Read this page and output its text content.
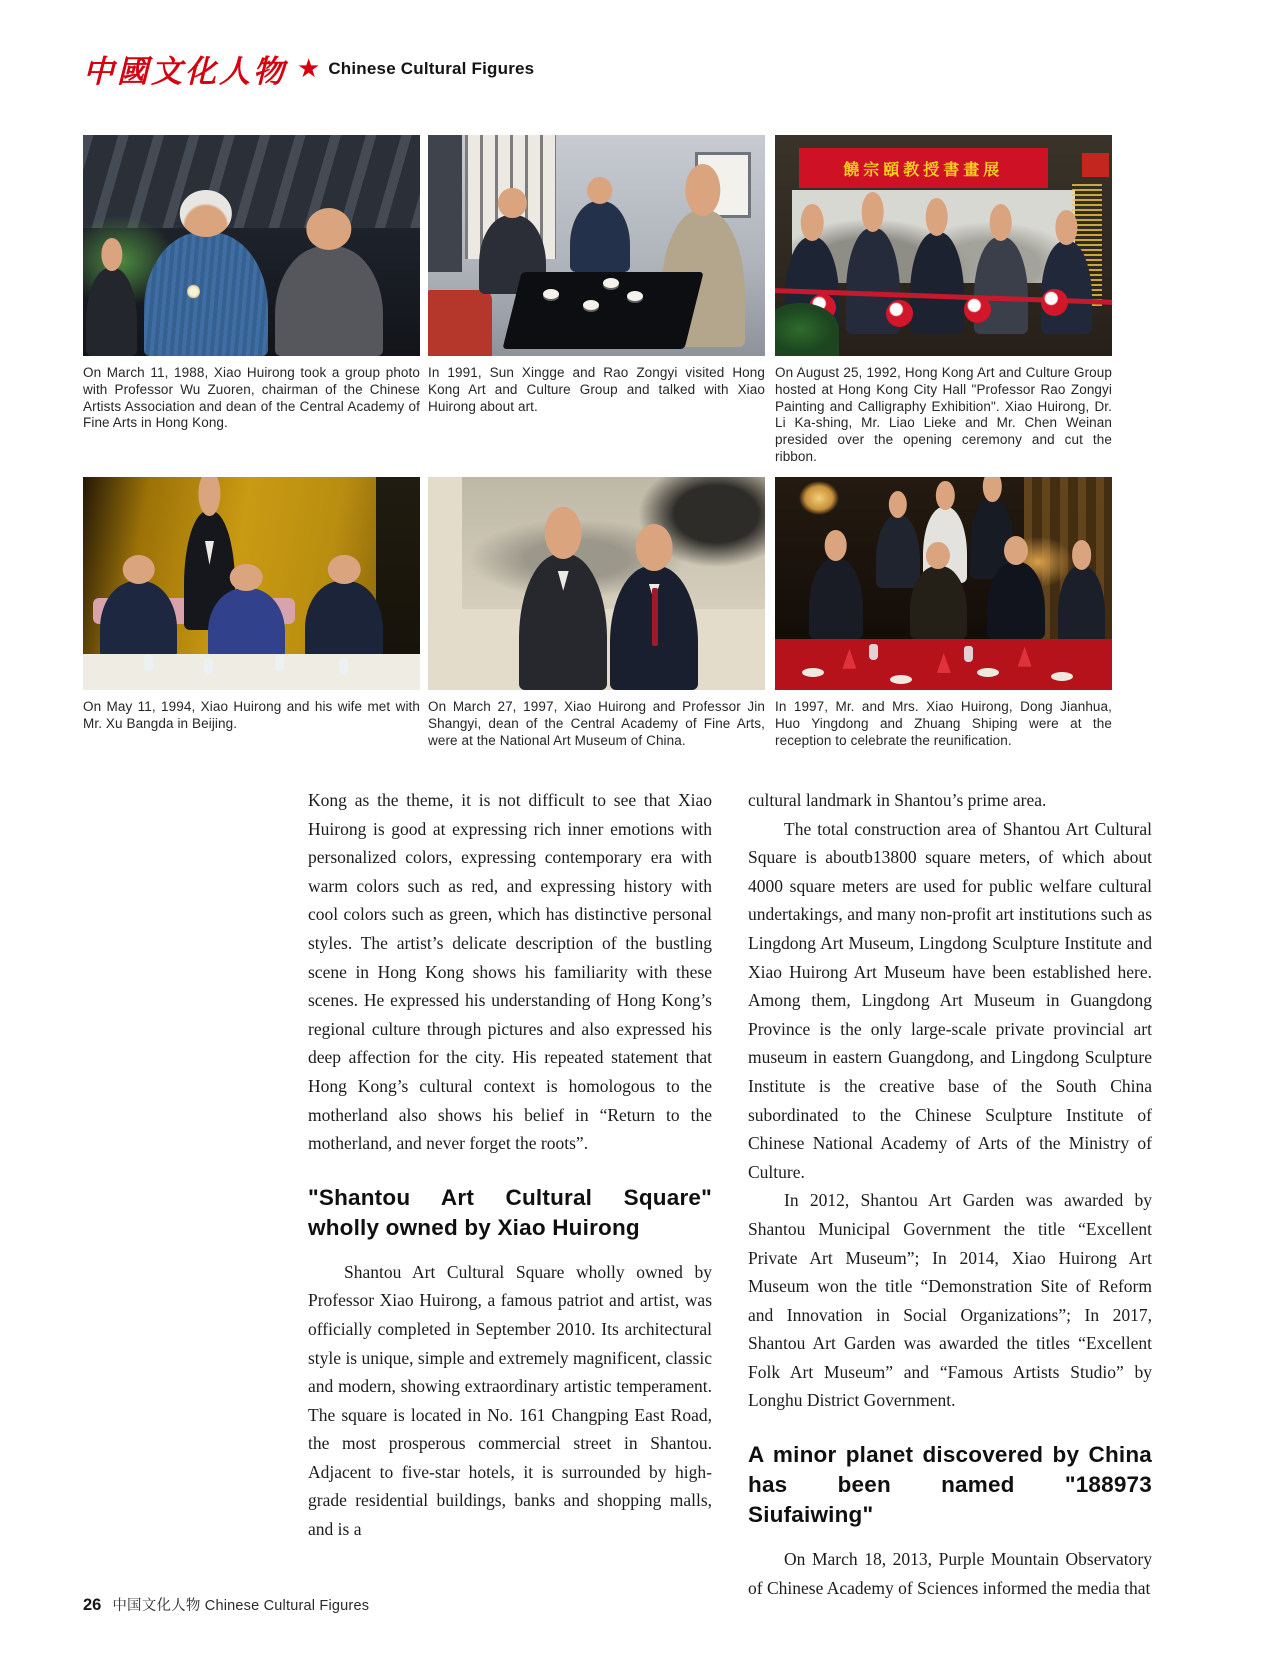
中國文化人物 ★ Chinese Cultural Figures
On March 11, 1988, Xiao Huirong took a group photo with Professor Wu Zuoren, chairman of the Chinese Artists Association and dean of the Central Academy of Fine Arts in Hong Kong.
In 1991, Sun Xingge and Rao Zongyi visited Hong Kong Art and Culture Group and talked with Xiao Huirong about art.
饒宗頤教授書畫展
On August 25, 1992, Hong Kong Art and Culture Group hosted at Hong Kong City Hall "Professor Rao Zongyi Painting and Calligraphy Exhibition". Xiao Huirong, Dr. Li Ka-shing, Mr. Liao Lieke and Mr. Chen Weinan presided over the opening ceremony and cut the ribbon.
On May 11, 1994, Xiao Huirong and his wife met with Mr. Xu Bangda in Beijing.
On March 27, 1997, Xiao Huirong and Professor Jin Shangyi, dean of the Central Academy of Fine Arts, were at the National Art Museum of China.
In 1997, Mr. and Mrs. Xiao Huirong, Dong Jianhua, Huo Yingdong and Zhuang Shiping were at the reception to celebrate the reunification.

Kong as the theme, it is not difficult to see that Xiao Huirong is good at expressing rich inner emotions with personalized colors, expressing contemporary era with warm colors such as red, and expressing history with cool colors such as green, which has distinctive personal styles. The artist’s delicate description of the bustling scene in Hong Kong shows his familiarity with these scenes. He expressed his understanding of Hong Kong’s regional culture through pictures and also expressed his deep affection for the city. His repeated statement that Hong Kong’s cultural context is homologous to the motherland also shows his belief in “Return to the motherland, and never forget the roots”.

"Shantou Art Cultural Square" wholly owned by Xiao Huirong

Shantou Art Cultural Square wholly owned by Professor Xiao Huirong, a famous patriot and artist, was officially completed in September 2010. Its architectural style is unique, simple and extremely magnificent, classic and modern, showing extraordinary artistic temperament. The square is located in No. 161 Changping East Road, the most prosperous commercial street in Shantou. Adjacent to five-star hotels, it is surrounded by high-grade residential buildings, banks and shopping malls, and is a

cultural landmark in Shantou’s prime area.

The total construction area of Shantou Art Cultural Square is aboutb13800 square meters, of which about 4000 square meters are used for public welfare cultural undertakings, and many non-profit art institutions such as Lingdong Art Museum, Lingdong Sculpture Institute and Xiao Huirong Art Museum have been established here. Among them, Lingdong Art Museum in Guangdong Province is the only large-scale private provincial art museum in eastern Guangdong, and Lingdong Sculpture Institute is the creative base of the South China subordinated to the Chinese Sculpture Institute of Chinese National Academy of Arts of the Ministry of Culture.

In 2012, Shantou Art Garden was awarded by Shantou Municipal Government the title “Excellent Private Art Museum”; In 2014, Xiao Huirong Art Museum won the title “Demonstration Site of Reform and Innovation in Social Organizations”; In 2017, Shantou Art Garden was awarded the titles “Excellent Folk Art Museum” and “Famous Artists Studio” by Longhu District Government.

A minor planet discovered by China has been named "188973 Siufaiwing"

On March 18, 2013, Purple Mountain Observatory of Chinese Academy of Sciences informed the media that

26 中国文化人物 Chinese Cultural Figures
